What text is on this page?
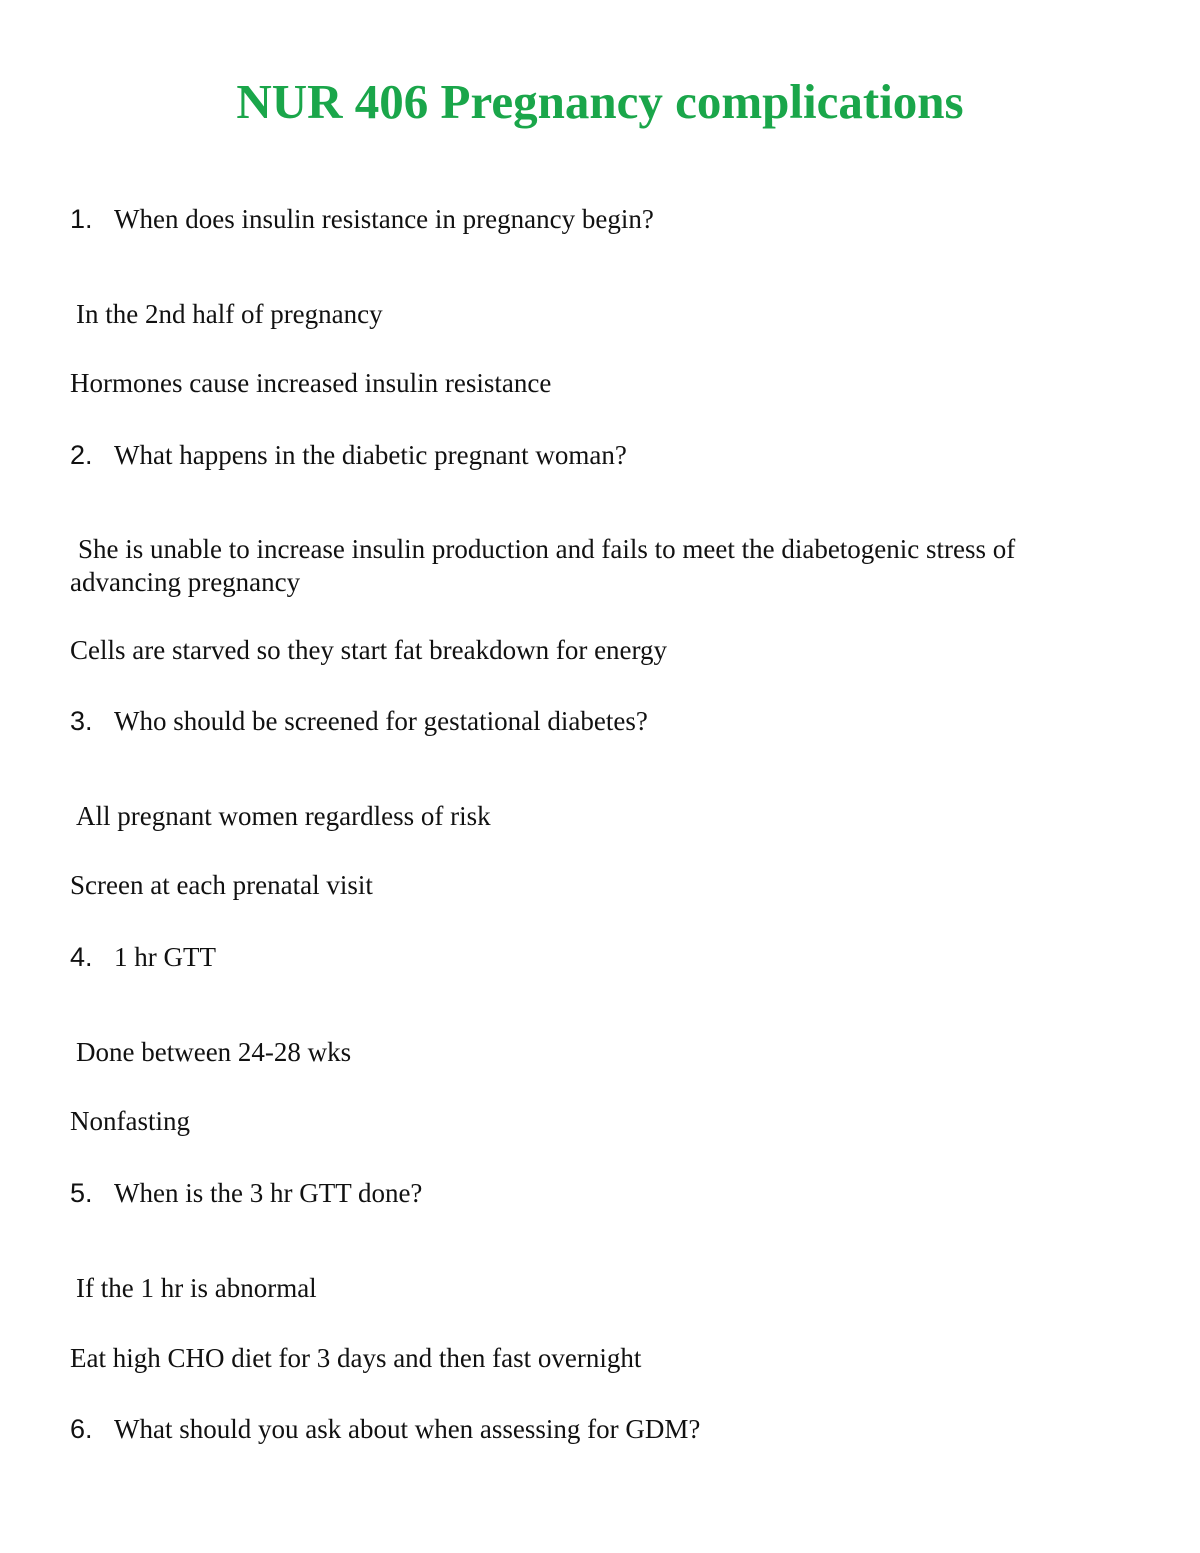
NUR 406 Pregnancy complications
1. When does insulin resistance in pregnancy begin?
In the 2nd half of pregnancy
Hormones cause increased insulin resistance
2. What happens in the diabetic pregnant woman?
She is unable to increase insulin production and fails to meet the diabetogenic stress of advancing pregnancy
Cells are starved so they start fat breakdown for energy
3. Who should be screened for gestational diabetes?
All pregnant women regardless of risk
Screen at each prenatal visit
4. 1 hr GTT
Done between 24-28 wks
Nonfasting
5. When is the 3 hr GTT done?
If the 1 hr is abnormal
Eat high CHO diet for 3 days and then fast overnight
6. What should you ask about when assessing for GDM?
